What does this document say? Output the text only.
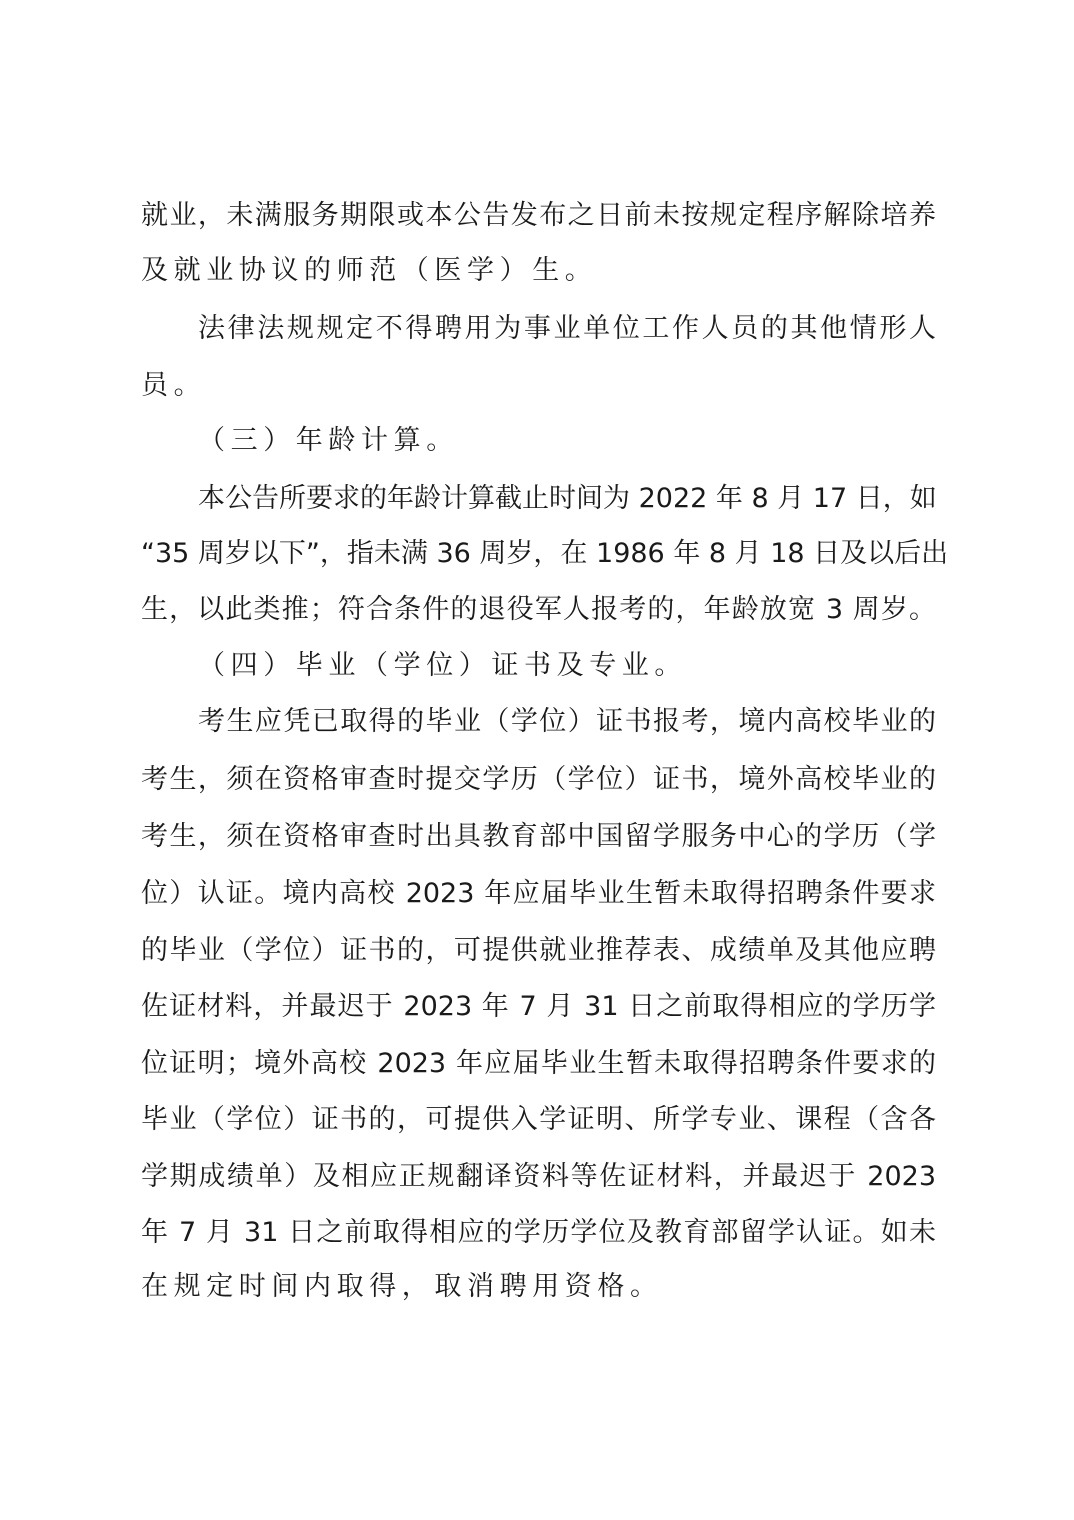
就业，未满服务期限或本公告发布之日前未按规定程序解除培养
及就业协议的师范（医学）生。
法律法规规定不得聘用为事业单位工作人员的其他情形人
员。
（三）年龄计算。
本公告所要求的年龄计算截止时间为 2022 年 8 月 17 日，如
“35 周岁以下”，指未满 36 周岁，在 1986 年 8 月 18 日及以后出
生，以此类推；符合条件的退役军人报考的，年龄放宽 3 周岁。
（四）毕业（学位）证书及专业。
考生应凭已取得的毕业（学位）证书报考，境内高校毕业的
考生，须在资格审查时提交学历（学位）证书，境外高校毕业的
考生，须在资格审查时出具教育部中国留学服务中心的学历（学
位）认证。境内高校 2023 年应届毕业生暂未取得招聘条件要求
的毕业（学位）证书的，可提供就业推荐表、成绩单及其他应聘
佐证材料，并最迟于 2023 年 7 月 31 日之前取得相应的学历学
位证明；境外高校 2023 年应届毕业生暂未取得招聘条件要求的
毕业（学位）证书的，可提供入学证明、所学专业、课程（含各
学期成绩单）及相应正规翻译资料等佐证材料，并最迟于 2023
年 7 月 31 日之前取得相应的学历学位及教育部留学认证。如未
在规定时间内取得，取消聘用资格。
